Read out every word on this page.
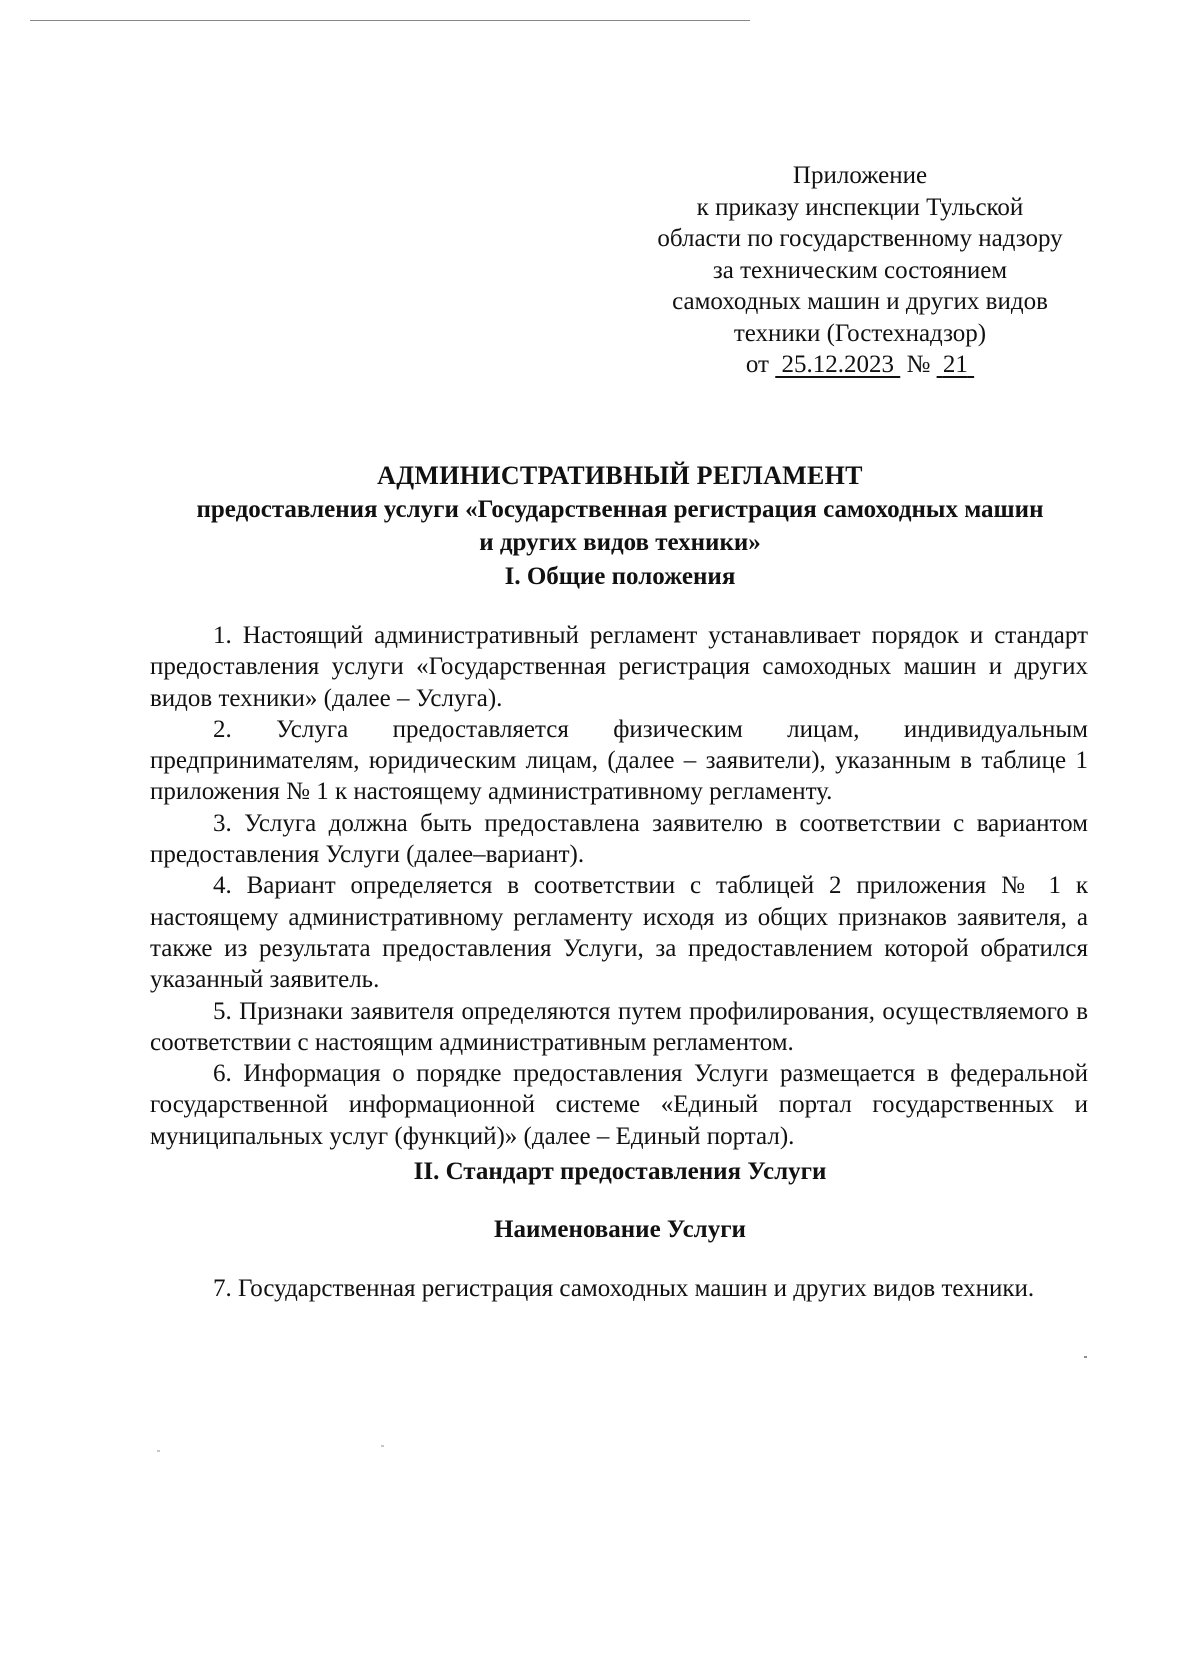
Приложение
к приказу инспекции Тульской
области по государственному надзору
за техническим состоянием
самоходных машин и других видов
техники (Гостехнадзор)
от 25.12.2023 № 21
АДМИНИСТРАТИВНЫЙ РЕГЛАМЕНТ
предоставления услуги «Государственная регистрация самоходных машин
и других видов техники»
I. Общие положения

1. Настоящий административный регламент устанавливает порядок и стандарт предоставления услуги «Государственная регистрация самоходных машин и других видов техники» (далее – Услуга).

2. Услуга предоставляется физическим лицам, индивидуальным предпринимателям, юридическим лицам, (далее – заявители), указанным в таблице 1 приложения № 1 к настоящему административному регламенту.

3. Услуга должна быть предоставлена заявителю в соответствии с вариантом предоставления Услуги (далее–вариант).

4. Вариант определяется в соответствии с таблицей 2 приложения № 1 к настоящему административному регламенту исходя из общих признаков заявителя, а также из результата предоставления Услуги, за предоставлением которой обратился указанный заявитель.

5. Признаки заявителя определяются путем профилирования, осуществляемого в соответствии с настоящим административным регламентом.

6. Информация о порядке предоставления Услуги размещается в федеральной государственной информационной системе «Единый портал государственных и муниципальных услуг (функций)» (далее – Единый портал).

II. Стандарт предоставления Услуги
Наименование Услуги

7. Государственная регистрация самоходных машин и других видов техники.
